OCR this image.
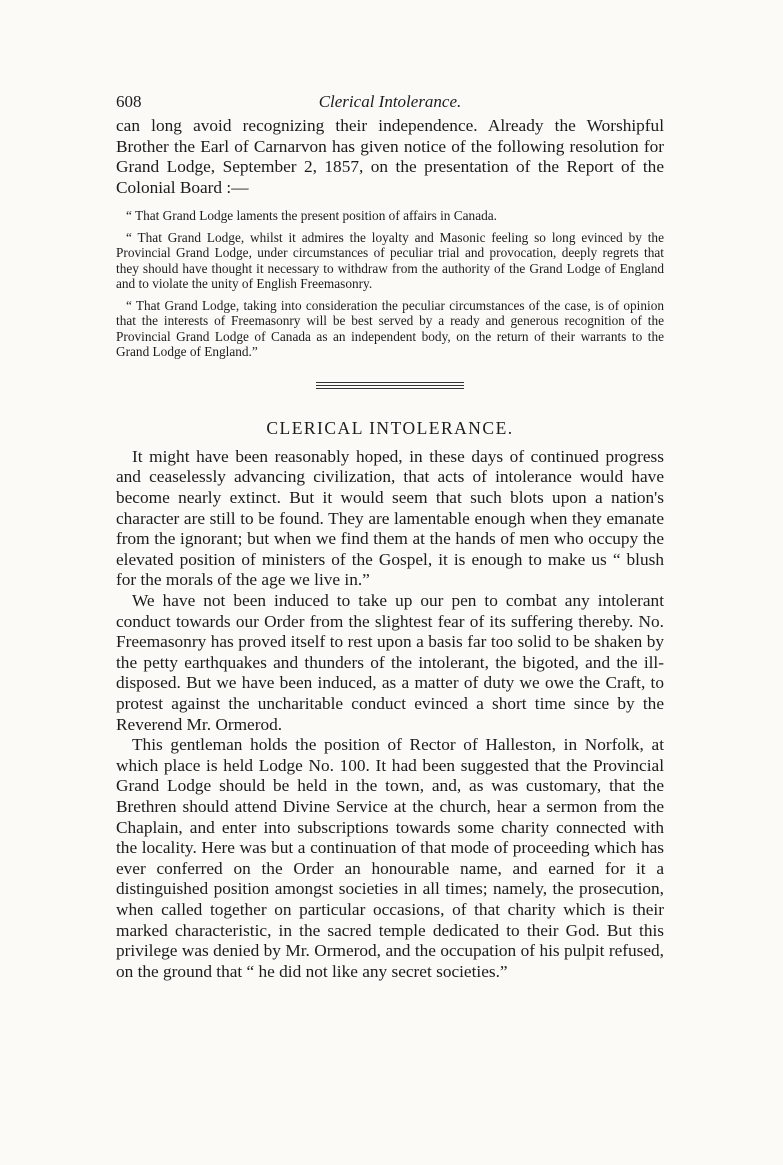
608	Clerical Intolerance.

can long avoid recognizing their independence. Already the Worshipful Brother the Earl of Carnarvon has given notice of the following resolution for Grand Lodge, September 2, 1857, on the presentation of the Report of the Colonial Board :—

“ That Grand Lodge laments the present position of affairs in Canada.

“ That Grand Lodge, whilst it admires the loyalty and Masonic feeling so long evinced by the Provincial Grand Lodge, under circumstances of peculiar trial and provocation, deeply regrets that they should have thought it necessary to withdraw from the authority of the Grand Lodge of England and to violate the unity of English Freemasonry.

“ That Grand Lodge, taking into consideration the peculiar circumstances of the case, is of opinion that the interests of Freemasonry will be best served by a ready and generous recognition of the Provincial Grand Lodge of Canada as an independent body, on the return of their warrants to the Grand Lodge of England.”

CLERICAL INTOLERANCE.

It might have been reasonably hoped, in these days of continued progress and ceaselessly advancing civilization, that acts of intolerance would have become nearly extinct. But it would seem that such blots upon a nation's character are still to be found. They are lamentable enough when they emanate from the ignorant; but when we find them at the hands of men who occupy the elevated position of ministers of the Gospel, it is enough to make us “ blush for the morals of the age we live in.”

We have not been induced to take up our pen to combat any intolerant conduct towards our Order from the slightest fear of its suffering thereby. No. Freemasonry has proved itself to rest upon a basis far too solid to be shaken by the petty earthquakes and thunders of the intolerant, the bigoted, and the ill-disposed. But we have been induced, as a matter of duty we owe the Craft, to protest against the uncharitable conduct evinced a short time since by the Reverend Mr. Ormerod.

This gentleman holds the position of Rector of Halleston, in Norfolk, at which place is held Lodge No. 100. It had been suggested that the Provincial Grand Lodge should be held in the town, and, as was customary, that the Brethren should attend Divine Service at the church, hear a sermon from the Chaplain, and enter into subscriptions towards some charity connected with the locality. Here was but a continuation of that mode of proceeding which has ever conferred on the Order an honourable name, and earned for it a distinguished position amongst societies in all times; namely, the prosecution, when called together on particular occasions, of that charity which is their marked characteristic, in the sacred temple dedicated to their God. But this privilege was denied by Mr. Ormerod, and the occupation of his pulpit refused, on the ground that “ he did not like any secret societies.”
